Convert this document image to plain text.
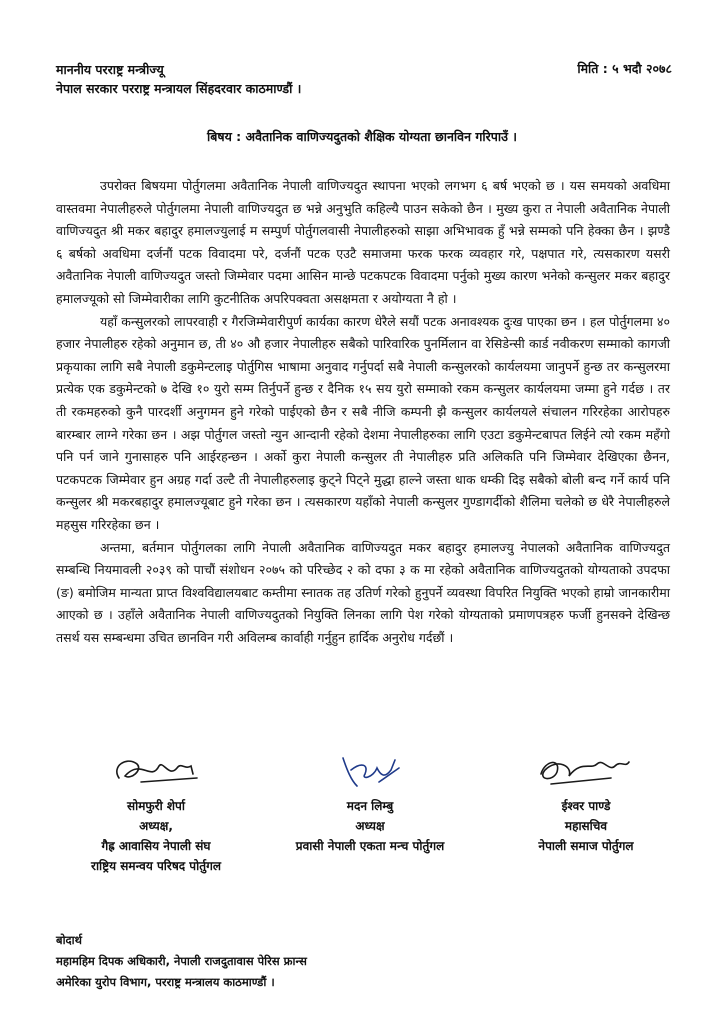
माननीय परराष्ट्र मन्त्रीज्यू
नेपाल सरकार परराष्ट्र मन्त्रायल सिंहदरवार काठमाण्डौं ।
मिति : ५ भदौ २०७८
बिषय : अवैतानिक वाणिज्यदुतको शैक्षिक योग्यता छानविन गरिपाउँ ।

उपरोक्त बिषयमा पोर्तुगलमा अवैतानिक नेपाली वाणिज्यदुत स्थापना भएको लगभग ६ बर्ष भएको छ । यस समयको अवधिमा वास्तवमा नेपालीहरुले पोर्तुगलमा नेपाली वाणिज्यदुत छ भन्ने अनुभुति कहिल्यै पाउन सकेको छैन । मुख्य कुरा त नेपाली अवैतानिक नेपाली वाणिज्यदुत श्री मकर बहादुर हमालज्युलाई म सम्पुर्ण पोर्तुगलवासी नेपालीहरुको साझा अभिभावक हुँ भन्ने सम्मको पनि हेक्का छैन । झण्डै ६ बर्षको अवधिमा दर्जनौं पटक विवादमा परे, दर्जनौं पटक एउटै समाजमा फरक फरक व्यवहार गरे, पक्षपात गरे, त्यसकारण यसरी अवैतानिक नेपाली वाणिज्यदुत जस्तो जिम्मेवार पदमा आसिन मान्छे पटकपटक विवादमा पर्नुको मुख्य कारण भनेको कन्सुलर मकर बहादुर हमालज्यूको सो जिम्मेवारीका लागि कुटनीतिक अपरिपक्वता असक्षमता र अयोग्यता नै हो ।

यहाँ कन्सुलरको लापरवाही र गैरजिम्मेवारीपुर्ण कार्यका कारण धेरैले सयौं पटक अनावश्यक दुःख पाएका छन । हल पोर्तुगलमा ४० हजार नेपालीहरु रहेको अनुमान छ, ती ४० औ हजार नेपालीहरु सबैको पारिवारिक पुनर्मिलान वा रेसिडेन्सी कार्ड नवीकरण सम्माको कागजी प्रकृयाका लागि सबै नेपाली डकुमेन्टलाइ पोर्तुगिस भाषामा अनुवाद गर्नुपर्दा सबै नेपाली कन्सुलरको कार्यलयमा जानुपर्ने हुन्छ तर कन्सुलरमा प्रत्येक एक डकुमेन्टको ७ देखि १० युरो सम्म तिर्नुपर्ने हुन्छ र दैनिक १५ सय युरो सम्माको रकम कन्सुलर कार्यलयमा जम्मा हुने गर्दछ । तर ती रकमहरुको कुनै पारदर्शी अनुगमन हुने गरेको पाईएको छैन र सबै नीजि कम्पनी झै कन्सुलर कार्यलयले संचालन गरिरहेका आरोपहरु बारम्बार लाग्ने गरेका छन । अझ पोर्तुगल जस्तो न्युन आन्दानी रहेको देशमा नेपालीहरुका लागि एउटा डकुमेन्टबापत लिईने त्यो रकम महँगो पनि पर्न जाने गुनासाहरु पनि आईरहन्छन । अर्को कुरा नेपाली कन्सुलर ती नेपालीहरु प्रति अलिकति पनि जिम्मेवार देखिएका छैनन, पटकपटक जिम्मेवार हुन अग्रह गर्दा उल्टै ती नेपालीहरुलाइ कुट्ने पिट्ने मुद्धा हाल्ने जस्ता धाक धम्की दिइ सबैको बोली बन्द गर्ने कार्य पनि कन्सुलर श्री मकरबहादुर हमालज्यूबाट हुने गरेका छन । त्यसकारण यहाँको नेपाली कन्सुलर गुण्डागर्दीको शैलिमा चलेको छ धेरै नेपालीहरुले महसुस गरिरहेका छन ।

अन्तमा, बर्तमान पोर्तुगलका लागि नेपाली अवैतानिक वाणिज्यदुत मकर बहादुर हमालज्यु नेपालको अवैतानिक वाणिज्यदुत सम्बन्धि नियमावली २०३९ को पाचौं संशोधन २०७५ को परिच्छेद २ को दफा ३ क मा रहेको अवैतानिक वाणिज्यदुतको योग्यताको उपदफा (ङ) बमोजिम मान्यता प्राप्त विश्वविद्यालयबाट कम्तीमा स्नातक तह उतिर्ण गरेको हुनुपर्ने व्यवस्था विपरित नियुक्ति भएको हाम्रो जानकारीमा आएको छ । उहाँले अवैतानिक नेपाली वाणिज्यदुतको नियुक्ति लिनका लागि पेश गरेको योग्यताको प्रमाणपत्रहरु फर्जी हुनसक्ने देखिन्छ तसर्थ यस सम्बन्धमा उचित छानविन गरी अविलम्ब कार्वाही गर्नुहुन हार्दिक अनुरोध गर्दछौं ।

सोमफुरी शेर्पा
अध्यक्ष,
गैह्र आवासिय नेपाली संघ
राष्ट्रिय समन्वय परिषद पोर्तुगल
मदन लिम्बु
अध्यक्ष
प्रवासी नेपाली एकता मन्च पोर्तुगल
ईश्वर पाण्डे
महासचिव
नेपाली समाज पोर्तुगल
बोदार्थ
महामहिम दिपक अधिकारी, नेपाली राजदुतावास पेरिस फ्रान्स
अमेरिका युरोप विभाग, परराष्ट्र मन्त्रालय काठमाण्डौं ।
